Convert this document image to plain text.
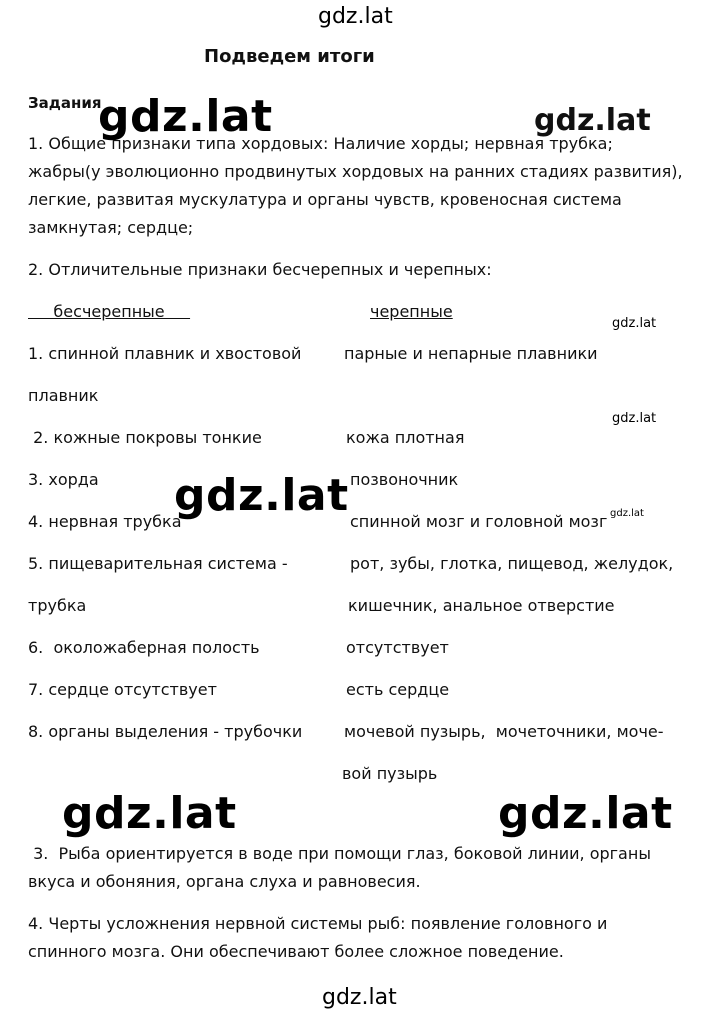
gdz.lat
gdz.lat	gdz.lat
gdz.lat
gdz.lat
gdz.lat
gdz.lat
gdz.lat	gdz.lat
gdz.lat
Подведем итоги
Задания
1. Общие признаки типа хордовых: Наличие хорды; нервная трубка;
жабры(у эволюционно продвинутых хордовых на ранних стадиях развития),
легкие, развитая мускулатура и органы чувств, кровеносная система
замкнутая; сердце;
2. Отличительные признаки бесчерепных и черепных:
бесчерепные	черепные
1. спинной плавник и хвостовой	парные и непарные плавники
плавник
2. кожные покровы тонкие	кожа плотная
3. хорда	позвоночник
4. нервная трубка	спинной мозг и головной мозг
5. пищеварительная система -	рот, зубы, глотка, пищевод, желудок,
трубка	кишечник, анальное отверстие
6.  околожаберная полость	отсутствует
7. сердце отсутствует	есть сердце
8. органы выделения - трубочки	мочевой пузырь,  мочеточники, моче-
вой пузырь
3.  Рыба ориентируется в воде при помощи глаз, боковой линии, органы
вкуса и обоняния, органа слуха и равновесия.
4. Черты усложнения нервной системы рыб: появление головного и
спинного мозга. Они обеспечивают более сложное поведение.
